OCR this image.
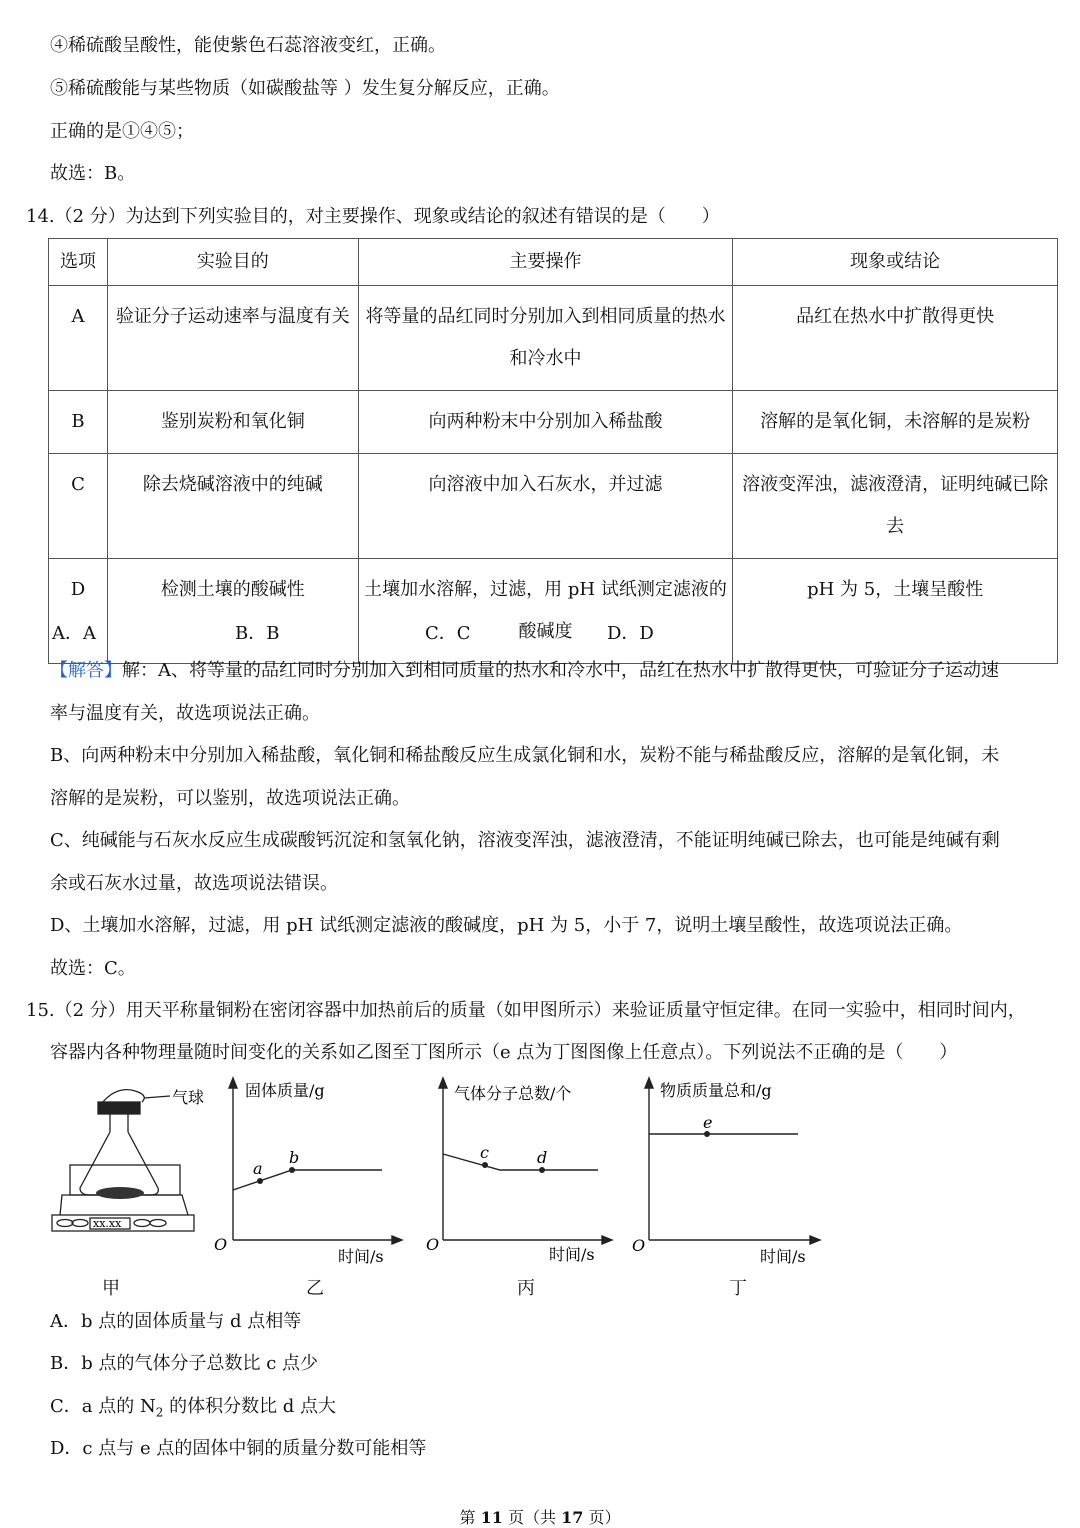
④稀硫酸呈酸性，能使紫色石蕊溶液变红，正确。
⑤稀硫酸能与某些物质（如碳酸盐等 ）发生复分解反应，正确。
正确的是①④⑤；
故选：B。
14.（2 分）为达到下列实验目的，对主要操作、现象或结论的叙述有错误的是（　　）
选项	实验目的	主要操作	现象或结论
A	验证分子运动速率与温度有关	将等量的品红同时分别加入到相同质量的热水和冷水中	品红在热水中扩散得更快
B	鉴别炭粉和氧化铜	向两种粉末中分别加入稀盐酸	溶解的是氧化铜，未溶解的是炭粉
C	除去烧碱溶液中的纯碱	向溶液中加入石灰水，并过滤	溶液变浑浊，滤液澄清，证明纯碱已除去
D	检测土壤的酸碱性	土壤加水溶解，过滤，用 pH 试纸测定滤液的酸碱度	pH 为 5，土壤呈酸性
A．A	B．B	C．C	D．D
【解答】解：A、将等量的品红同时分别加入到相同质量的热水和冷水中，品红在热水中扩散得更快，可验证分子运动速
率与温度有关，故选项说法正确。
B、向两种粉末中分别加入稀盐酸，氧化铜和稀盐酸反应生成氯化铜和水，炭粉不能与稀盐酸反应，溶解的是氧化铜，未
溶解的是炭粉，可以鉴别，故选项说法正确。
C、纯碱能与石灰水反应生成碳酸钙沉淀和氢氧化钠，溶液变浑浊，滤液澄清，不能证明纯碱已除去，也可能是纯碱有剩
余或石灰水过量，故选项说法错误。
D、土壤加水溶解，过滤，用 pH 试纸测定滤液的酸碱度，pH 为 5，小于 7，说明土壤呈酸性，故选项说法正确。
故选：C。
15.（2 分）用天平称量铜粉在密闭容器中加热前后的质量（如甲图所示）来验证质量守恒定律。在同一实验中，相同时间内，
容器内各种物理量随时间变化的关系如乙图至丁图所示（e 点为丁图图像上任意点）。下列说法不正确的是（　　）
xx.xx
气球
a
b
固体质量/g
O
时间/s
c	d
气体分子总数/个
O
时间/s
e
物质质量总和/g
O
时间/s
甲	乙	丙	丁
A．b 点的固体质量与 d 点相等
B．b 点的气体分子总数比 c 点少
C．a 点的 $N_2$ 的体积分数比 d 点大
D．c 点与 e 点的固体中铜的质量分数可能相等
第 11 页（共 17 页）
